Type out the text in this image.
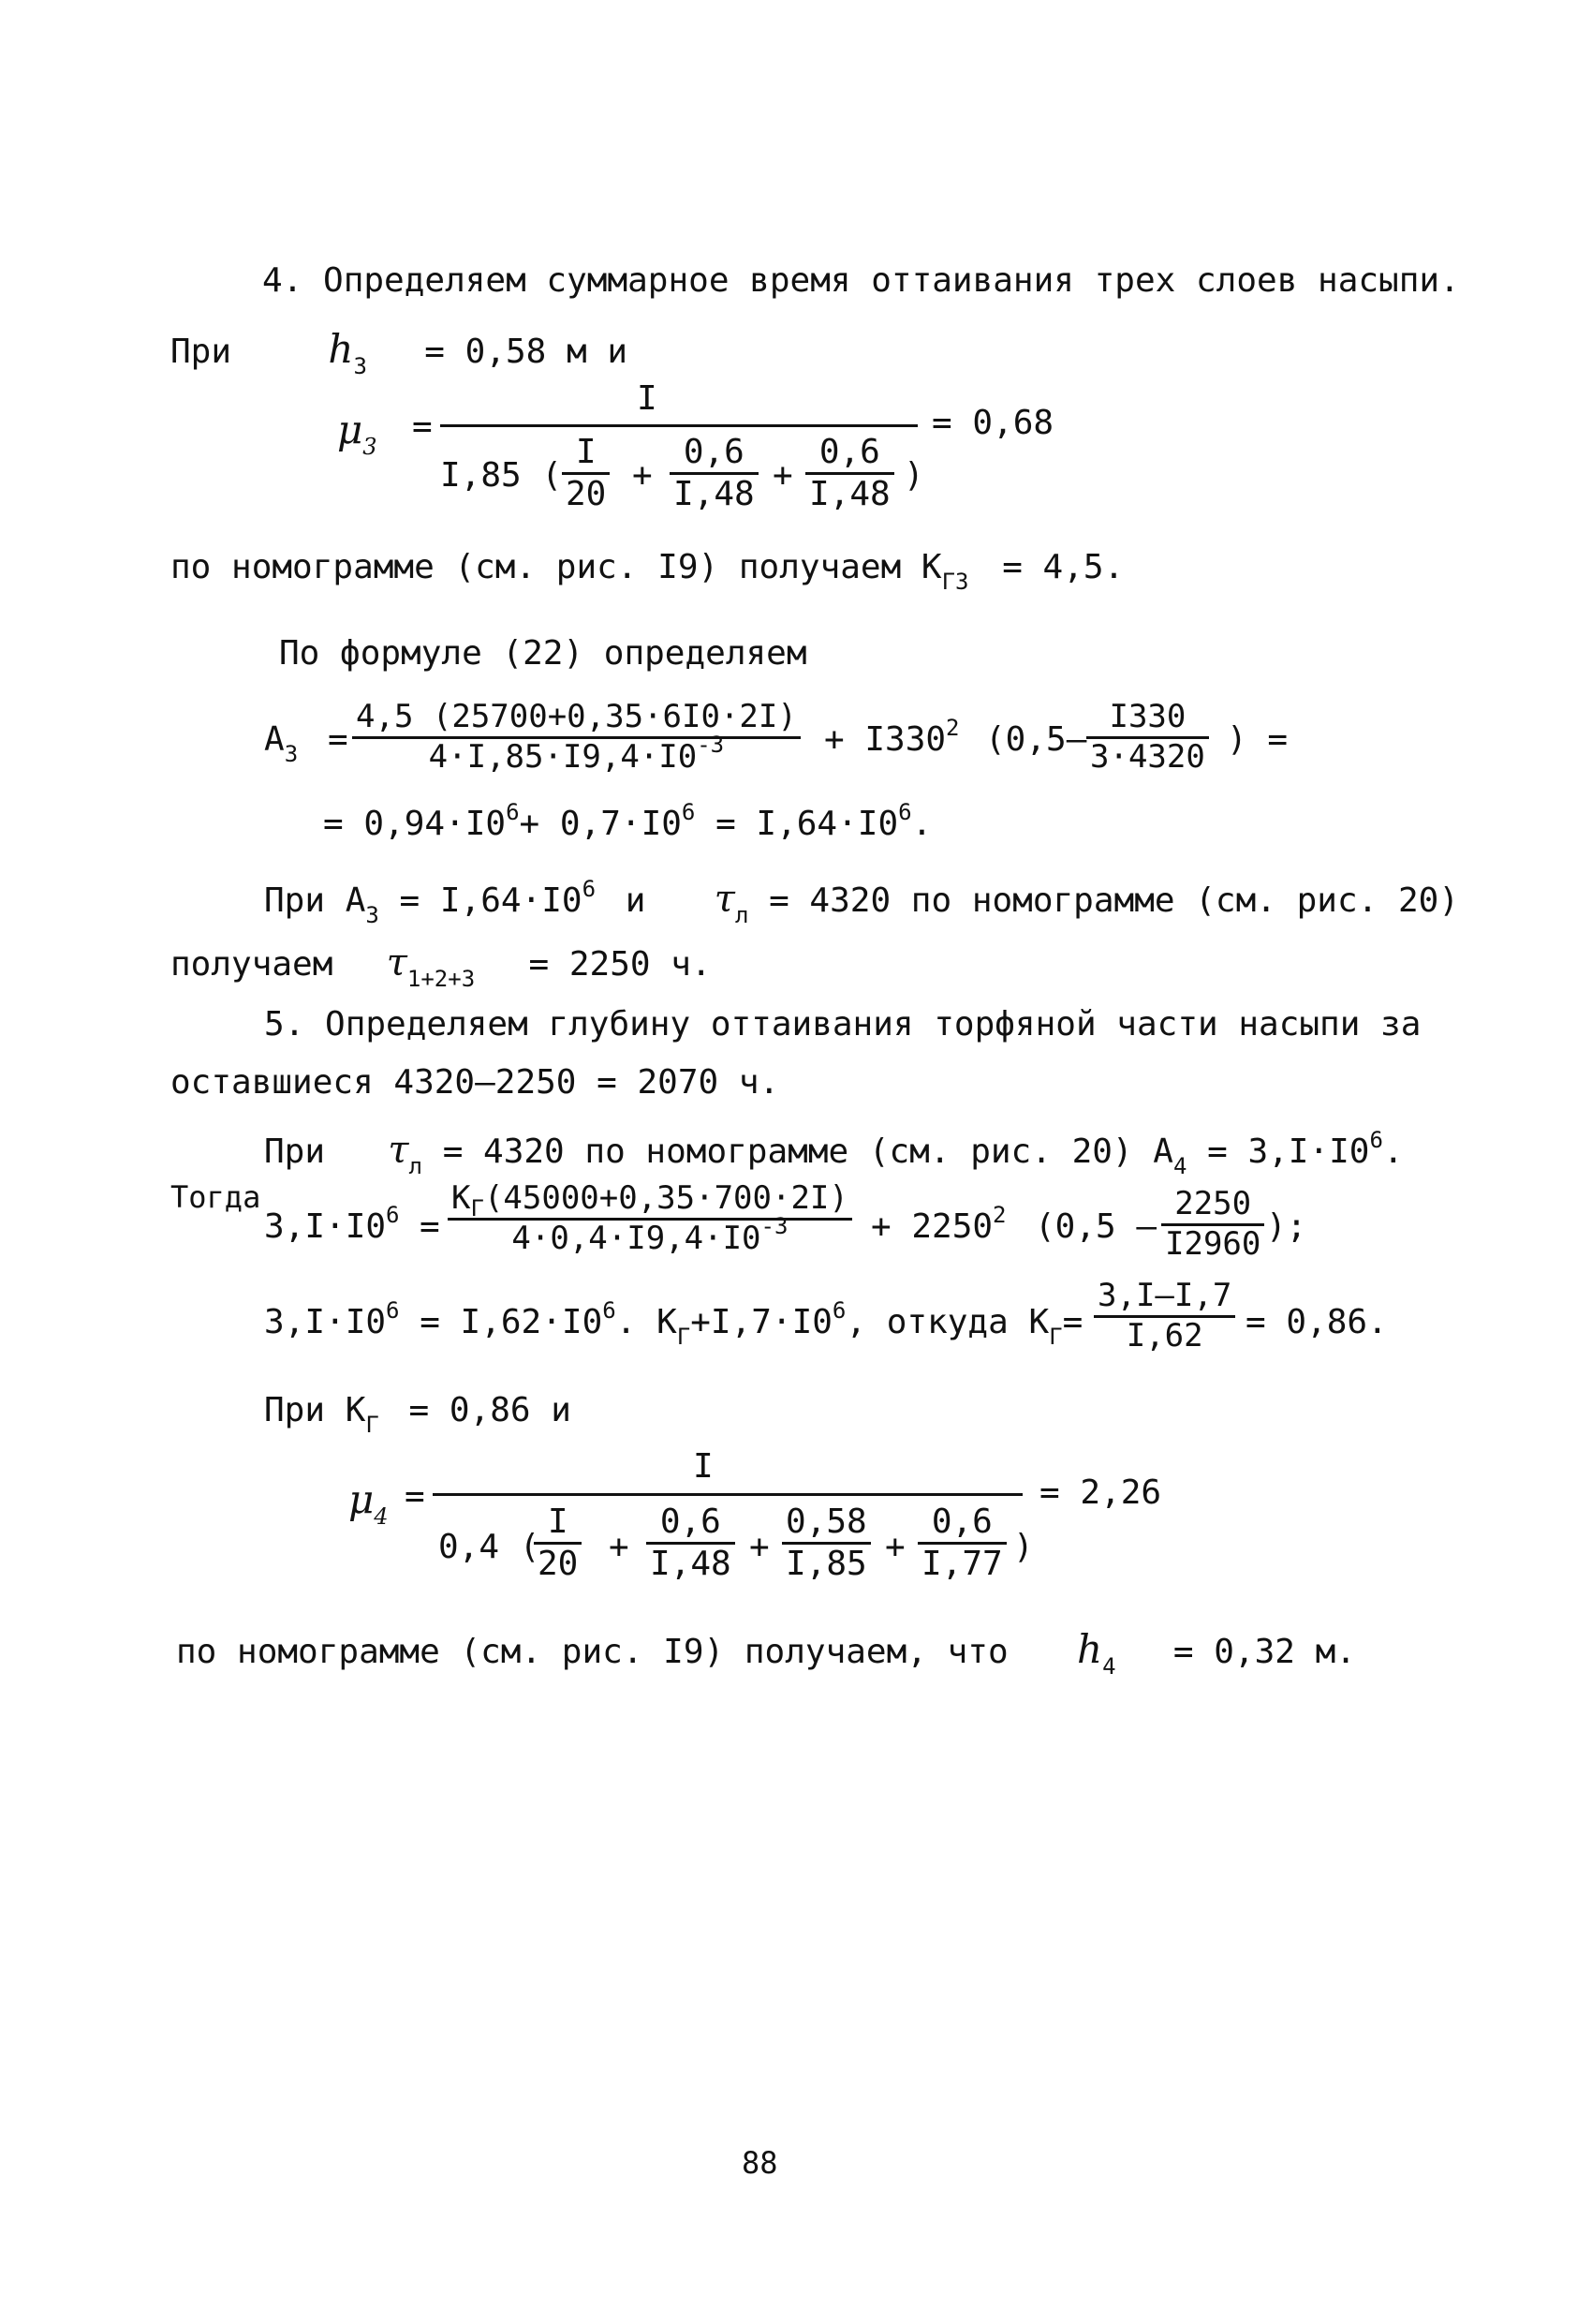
4. Определяем суммарное время оттаивания трех слоев насыпи.
При $h_3 = 0,58$ м и
$\mu_3$
=
I
I,85 ( $\frac{I}{20} + \frac{0,6}{I,48} + \frac{0,6}{I,48}$ )
= 0,68
по номограмме (см. рис. I9) получаем $К_{Г3} = 4,5$.
По формуле (22) определяем
$А_3 = \frac{4,5 (25700+0,35\cdot 6I0\cdot 2I)}{4\cdot I,85\cdot I9,4\cdot I0^{-3}} + I330^2$ ($0,5- \frac{I330}{3\cdot 4320}$ ) =
= $0,94\cdot I0^6+ 0,7\cdot I0^6 = I,64\cdot I0^6$.
При $А_3 = I,64\cdot I0^6$ и $\tau_л = 4320$ по номограмме (см. рис. 20)
получаем $\tau_{1+2+3} = 2250$ ч.
5. Определяем глубину оттаивания торфяной части насыпи за
оставшиеся 4320–2250 = 2070 ч.
При $\tau_л = 4320$ по номограмме (см. рис. 20) $А_4 = 3,I\cdot I0^6$.
Тогда
$3,I\cdot I0^6$ =
$К_Г(45000+0,35\cdot 700\cdot 2I)$
$4\cdot 0,4\cdot I9,4\cdot I0^{-3}$	+ $2250^2$ ($0,5 - \frac{2250}{I2960}$ );
$3,I\cdot I0^6 = I,62\cdot I0^6$. $К_Г+I,7\cdot I0^6$, откуда $К_Г= \frac{3,I-I,7}{I,62} = 0,86$.
При $К_Г = 0,86$ и
$\mu_4$
=
I
0,4 (
$\frac{I}{20} + \frac{0,6}{I,48} + \frac{0,58}{I,85} + \frac{0,6}{I,77}$ )
= 2,26
по номограмме (см. рис. I9) получаем, что $h_4 = 0,32$ м.
88
